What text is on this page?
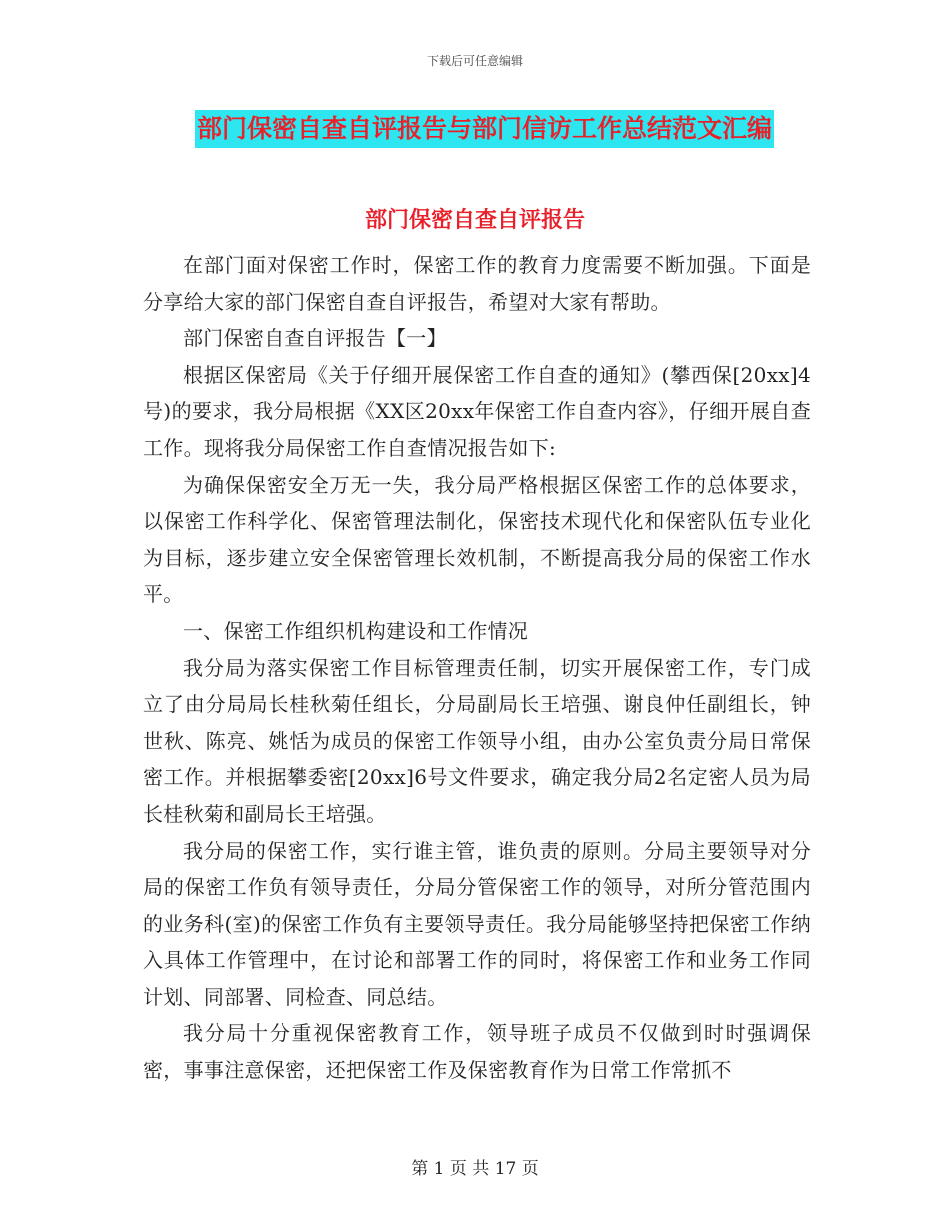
下载后可任意编辑
部门保密自查自评报告与部门信访工作总结范文汇编
部门保密自查自评报告

在部门面对保密工作时，保密工作的教育力度需要不断加强。下面是分享给大家的部门保密自查自评报告，希望对大家有帮助。

部门保密自查自评报告【一】

根据区保密局《关于仔细开展保密工作自查的通知》(攀西保[20xx]4号)的要求，我分局根据《XX区20xx年保密工作自查内容》，仔细开展自查工作。现将我分局保密工作自查情况报告如下:

为确保保密安全万无一失，我分局严格根据区保密工作的总体要求，以保密工作科学化、保密管理法制化，保密技术现代化和保密队伍专业化为目标，逐步建立安全保密管理长效机制，不断提高我分局的保密工作水平。

一、保密工作组织机构建设和工作情况

我分局为落实保密工作目标管理责任制，切实开展保密工作，专门成立了由分局局长桂秋菊任组长，分局副局长王培强、谢良仲任副组长，钟世秋、陈亮、姚恬为成员的保密工作领导小组，由办公室负责分局日常保密工作。并根据攀委密[20xx]6号文件要求，确定我分局2名定密人员为局长桂秋菊和副局长王培强。

我分局的保密工作，实行谁主管，谁负责的原则。分局主要领导对分局的保密工作负有领导责任，分局分管保密工作的领导，对所分管范围内的业务科(室)的保密工作负有主要领导责任。我分局能够坚持把保密工作纳入具体工作管理中，在讨论和部署工作的同时，将保密工作和业务工作同计划、同部署、同检查、同总结。

我分局十分重视保密教育工作，领导班子成员不仅做到时时强调保密，事事注意保密，还把保密工作及保密教育作为日常工作常抓不

第 1 页 共 17 页
